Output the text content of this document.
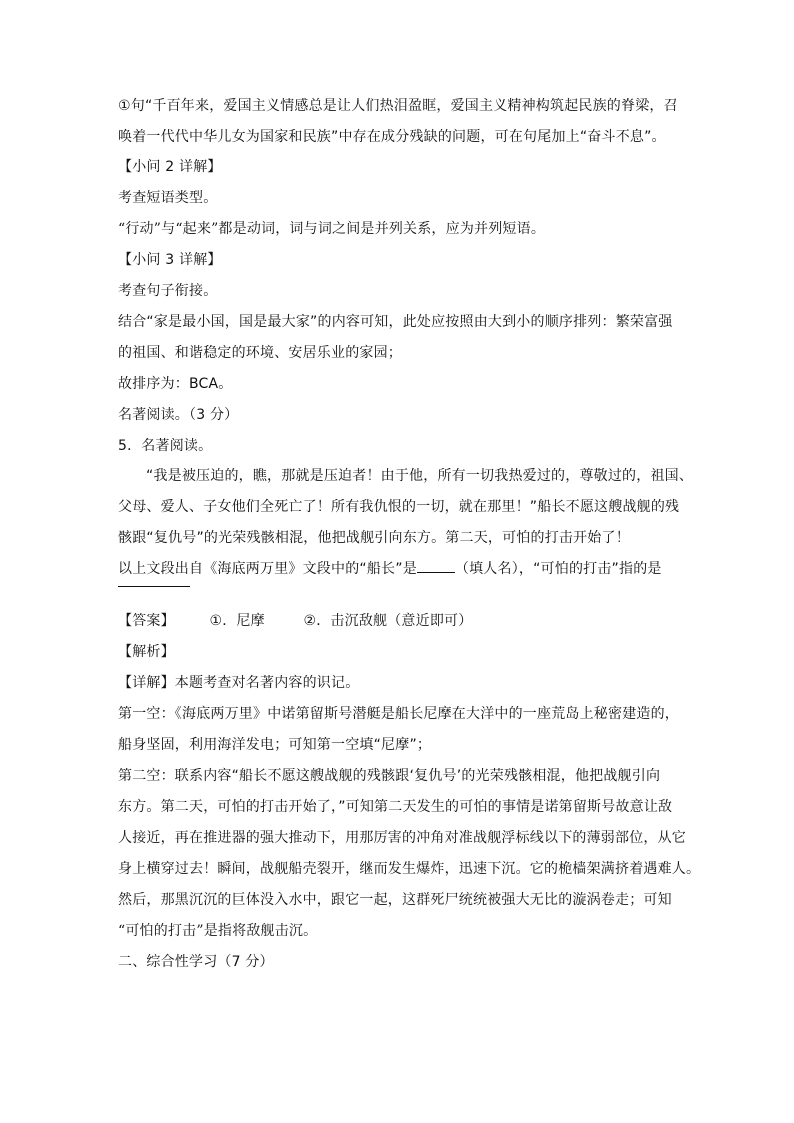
①句“千百年来，爱国主义情感总是让人们热泪盈眶，爱国主义精神构筑起民族的脊梁，召

唤着一代代中华儿女为国家和民族”中存在成分残缺的问题，可在句尾加上“奋斗不息”。

【小问 2 详解】

考查短语类型。

“行动”与“起来”都是动词，词与词之间是并列关系，应为并列短语。

【小问 3 详解】

考查句子衔接。

结合“家是最小国，国是最大家”的内容可知，此处应按照由大到小的顺序排列：繁荣富强

的祖国、和谐稳定的环境、安居乐业的家园；

故排序为：BCA。

名著阅读。（3 分）

5．名著阅读。

“我是被压迫的，瞧，那就是压迫者！由于他，所有一切我热爱过的，尊敬过的，祖国、

父母、爱人、子女他们全死亡了！所有我仇恨的一切，就在那里！”船长不愿这艘战舰的残

骸跟“复仇号”的光荣残骸相混，他把战舰引向东方。第二天，可怕的打击开始了！

以上文段出自《海底两万里》文段中的“船长”是	（填人名），“可怕的打击”指的是

【答案】 ①．尼摩	②．击沉敌舰（意近即可）

【解析】

【详解】本题考查对名著内容的识记。

第一空：《海底两万里》中诺第留斯号潜艇是船长尼摩在大洋中的一座荒岛上秘密建造的，

船身坚固，利用海洋发电；可知第一空填“尼摩”；

第二空：联系内容“船长不愿这艘战舰的残骸跟‘复仇号’的光荣残骸相混，他把战舰引向

东方。第二天，可怕的打击开始了，”可知第二天发生的可怕的事情是诺第留斯号故意让敌

人接近，再在推进器的强大推动下，用那厉害的冲角对准战舰浮标线以下的薄弱部位，从它

身上横穿过去！瞬间，战舰船壳裂开，继而发生爆炸，迅速下沉。它的桅樯架满挤着遇难人。

然后，那黑沉沉的巨体没入水中，跟它一起，这群死尸统统被强大无比的漩涡卷走；可知

“可怕的打击”是指将敌舰击沉。

二、综合性学习（7 分）
